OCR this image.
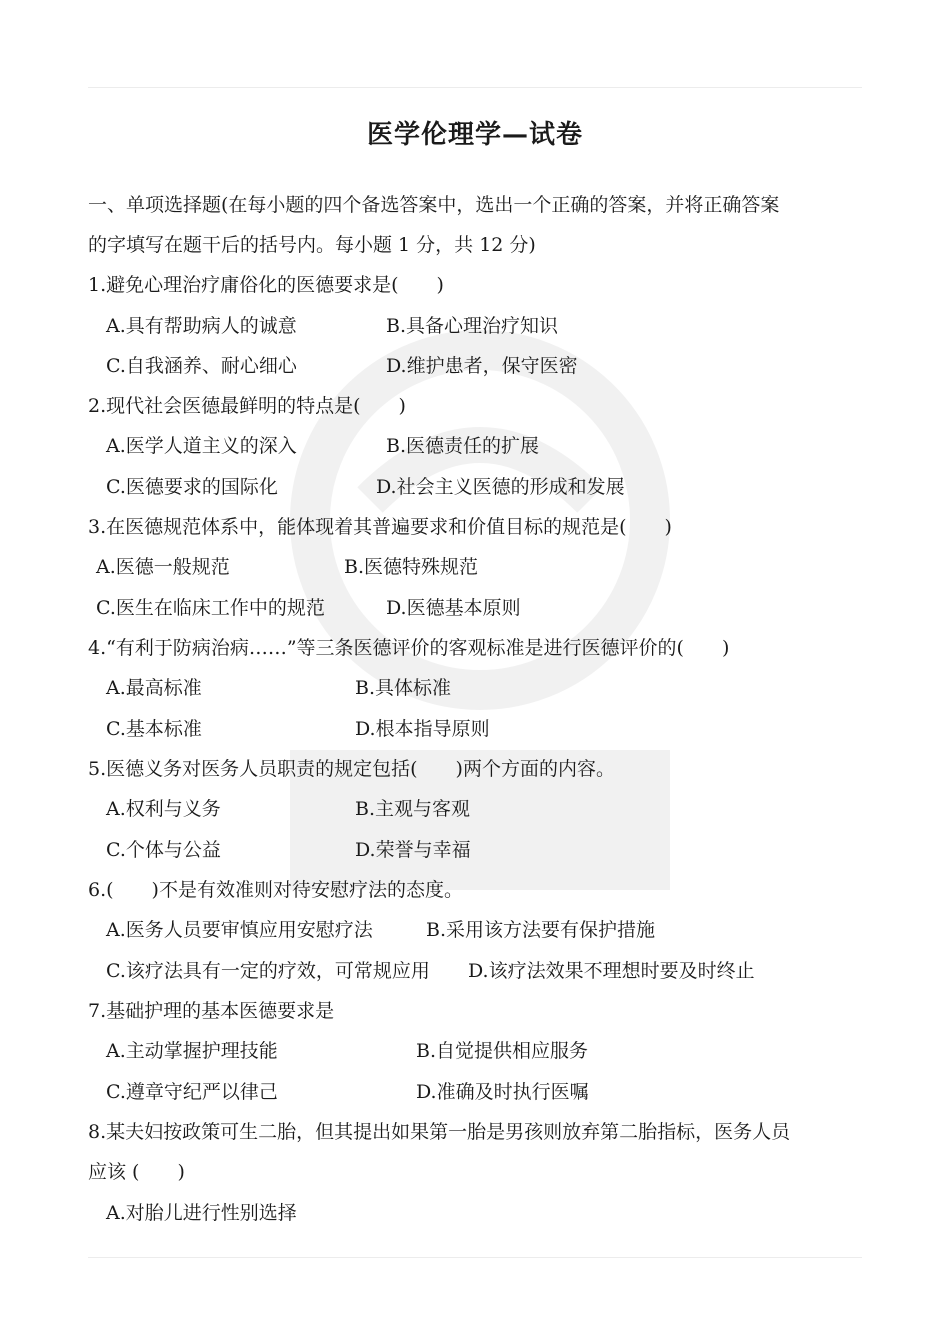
医学伦理学—试卷
一、单项选择题(在每小题的四个备选答案中，选出一个正确的答案，并将正确答案
的字填写在题干后的括号内。每小题 1 分，共 12 分)
1.避免心理治疗庸俗化的医德要求是(　　)
A.具有帮助病人的诚意	B.具备心理治疗知识
C.自我涵养、耐心细心	D.维护患者，保守医密
2.现代社会医德最鲜明的特点是(　　)
A.医学人道主义的深入	B.医德责任的扩展
C.医德要求的国际化	D.社会主义医德的形成和发展
3.在医德规范体系中，能体现着其普遍要求和价值目标的规范是(　　)
A.医德一般规范	B.医德特殊规范
C.医生在临床工作中的规范	D.医德基本原则
4.“有利于防病治病……”等三条医德评价的客观标准是进行医德评价的(　　)
A.最高标准	B.具体标准
C.基本标准	D.根本指导原则
5.医德义务对医务人员职责的规定包括(　　)两个方面的内容。
A.权利与义务	B.主观与客观
C.个体与公益	D.荣誉与幸福
6.(　　)不是有效准则对待安慰疗法的态度。
A.医务人员要审慎应用安慰疗法	B.采用该方法要有保护措施
C.该疗法具有一定的疗效，可常规应用 D.该疗法效果不理想时要及时终止
7.基础护理的基本医德要求是
A.主动掌握护理技能	B.自觉提供相应服务
C.遵章守纪严以律己	D.准确及时执行医嘱
8.某夫妇按政策可生二胎，但其提出如果第一胎是男孩则放弃第二胎指标，医务人员
应该 (　　)
A.对胎儿进行性别选择
